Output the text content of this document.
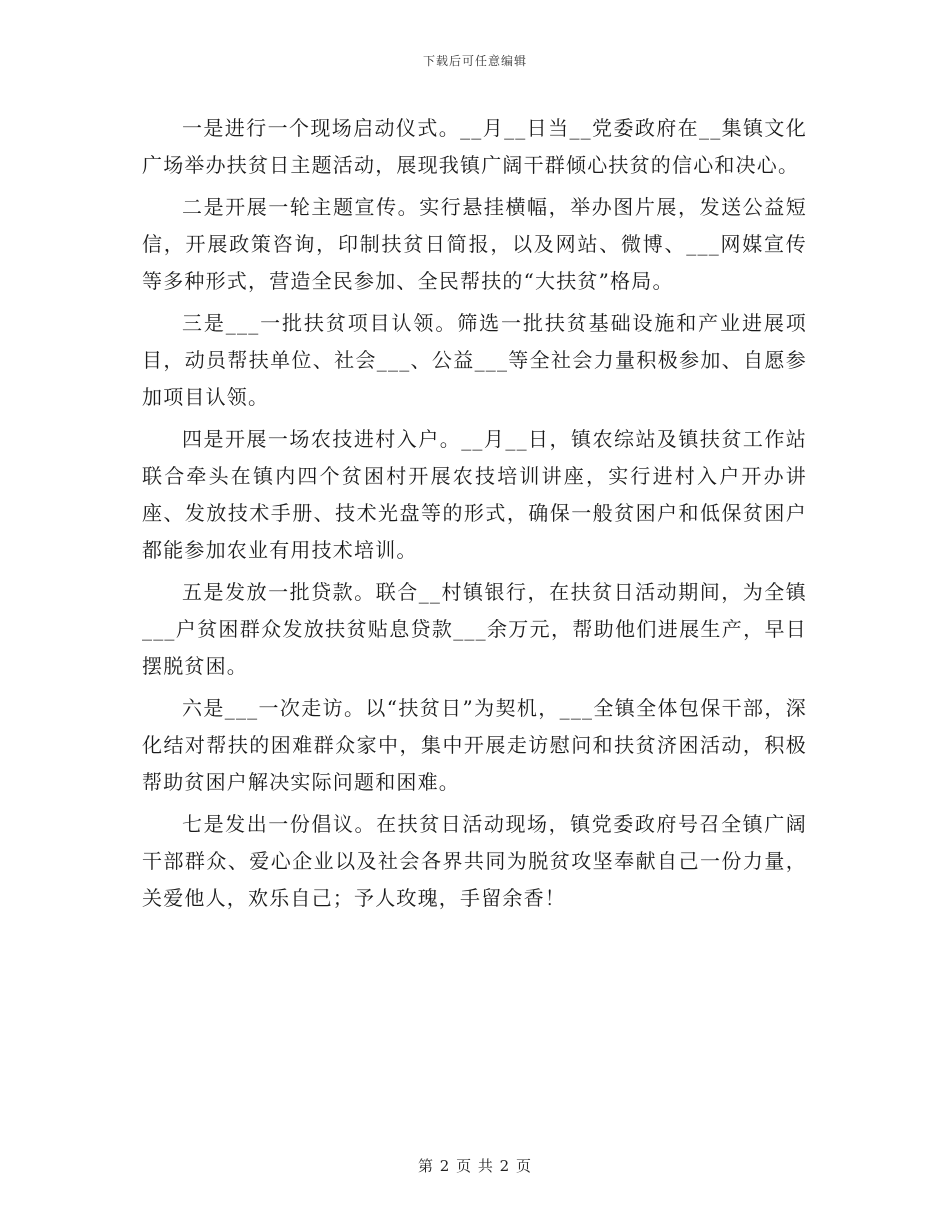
下载后可任意编辑

一是进行一个现场启动仪式。__月__日当__党委政府在__集镇文化广场举办扶贫日主题活动，展现我镇广阔干群倾心扶贫的信心和决心。

二是开展一轮主题宣传。实行悬挂横幅，举办图片展，发送公益短信，开展政策咨询，印制扶贫日简报，以及网站、微博、___网媒宣传等多种形式，营造全民参加、全民帮扶的“大扶贫”格局。

三是___一批扶贫项目认领。筛选一批扶贫基础设施和产业进展项目，动员帮扶单位、社会___、公益___等全社会力量积极参加、自愿参加项目认领。

四是开展一场农技进村入户。__月__日，镇农综站及镇扶贫工作站联合牵头在镇内四个贫困村开展农技培训讲座，实行进村入户开办讲座、发放技术手册、技术光盘等的形式，确保一般贫困户和低保贫困户都能参加农业有用技术培训。

五是发放一批贷款。联合__村镇银行，在扶贫日活动期间，为全镇___户贫困群众发放扶贫贴息贷款___余万元，帮助他们进展生产，早日摆脱贫困。

六是___一次走访。以“扶贫日”为契机，___全镇全体包保干部，深化结对帮扶的困难群众家中，集中开展走访慰问和扶贫济困活动，积极帮助贫困户解决实际问题和困难。

七是发出一份倡议。在扶贫日活动现场，镇党委政府号召全镇广阔干部群众、爱心企业以及社会各界共同为脱贫攻坚奉献自己一份力量，关爱他人，欢乐自己；予人玫瑰，手留余香！

第 2 页 共 2 页
